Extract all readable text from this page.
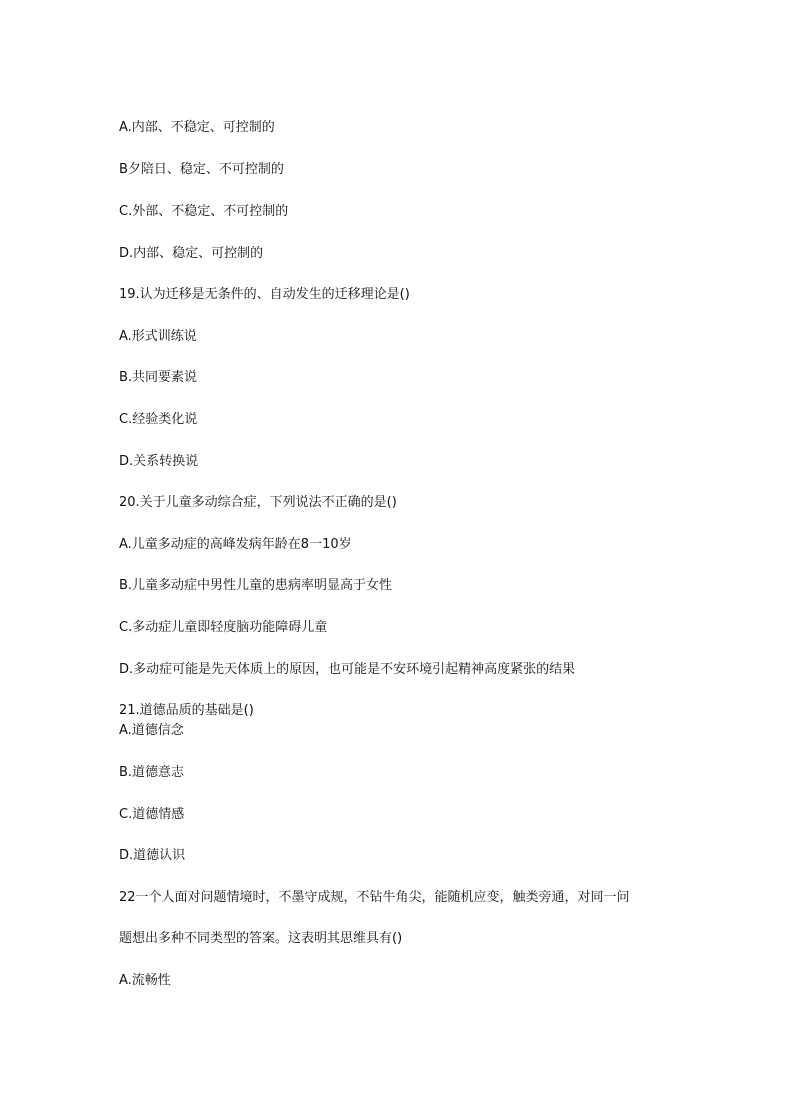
A.内部、不稳定、可控制的

B夕陪日、稳定、不可控制的

C.外部、不稳定、不可控制的

D.内部、稳定、可控制的

19.认为迁移是无条件的、自动发生的迁移理论是()

A.形式训练说

B.共同要素说

C.经验类化说

D.关系转换说

20.关于儿童多动综合症，下列说法不正确的是()

A.儿童多动症的高峰发病年龄在8一10岁

B.儿童多动症中男性儿童的患病率明显高于女性

C.多动症儿童即轻度脑功能障碍儿童

D.多动症可能是先天体质上的原因，也可能是不安环境引起精神高度紧张的结果

21.道德品质的基础是()

A.道德信念

B.道德意志

C.道德情感

D.道德认识

22一个人面对问题情境时，不墨守成规，不钻牛角尖，能随机应变，触类旁通，对同一问

题想出多种不同类型的答案。这表明其思维具有()

A.流畅性
